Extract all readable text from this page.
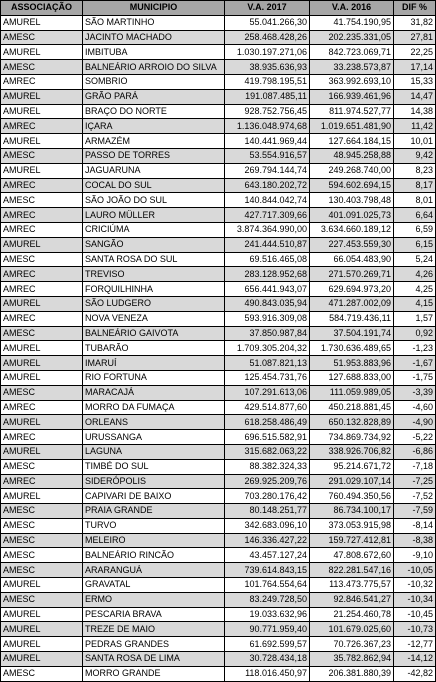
ASSOCIAÇÃO	MUNICIPIO	V.A. 2017	V.A. 2016	DIF %
AMUREL	SÃO MARTINHO	55.041.266,30	41.754.190,95	31,82
AMESC	JACINTO MACHADO	258.468.428,26	202.235.331,05	27,81
AMUREL	IMBITUBA	1.030.197.271,06	842.723.069,71	22,25
AMESC	BALNEÁRIO ARROIO DO SILVA	38.935.636,93	33.238.573,87	17,14
AMREC	SOMBRIO	419.798.195,51	363.992.693,10	15,33
AMUREL	GRÃO PARÁ	191.087.485,11	166.939.461,96	14,47
AMUREL	BRAÇO DO NORTE	928.752.756,45	811.974.527,77	14,38
AMREC	IÇARA	1.136.048.974,68	1.019.651.481,90	11,42
AMUREL	ARMAZÉM	140.441.969,44	127.664.184,15	10,01
AMESC	PASSO DE TORRES	53.554.916,57	48.945.258,88	9,42
AMUREL	JAGUARUNA	269.794.144,74	249.268.740,00	8,23
AMREC	COCAL DO SUL	643.180.202,72	594.602.694,15	8,17
AMESC	SÃO JOÃO DO SUL	140.844.042,74	130.403.798,48	8,01
AMREC	LAURO MÜLLER	427.717.309,66	401.091.025,73	6,64
AMREC	CRICIÚMA	3.874.364.990,00	3.634.660.189,12	6,59
AMUREL	SANGÃO	241.444.510,87	227.453.559,30	6,15
AMESC	SANTA ROSA DO SUL	69.516.465,08	66.054.483,90	5,24
AMREC	TREVISO	283.128.952,68	271.570.269,71	4,26
AMREC	FORQUILHINHA	656.441.943,07	629.694.973,20	4,25
AMUREL	SÃO LUDGERO	490.843.035,94	471.287.002,09	4,15
AMREC	NOVA VENEZA	593.916.309,08	584.719.436,11	1,57
AMESC	BALNEÁRIO GAIVOTA	37.850.987,84	37.504.191,74	0,92
AMUREL	TUBARÃO	1.709.305.204,32	1.730.636.489,65	-1,23
AMUREL	IMARUÍ	51.087.821,13	51.953.883,96	-1,67
AMUREL	RIO FORTUNA	125.454.731,76	127.688.833,00	-1,75
AMESC	MARACAJÁ	107.291.613,06	111.059.989,05	-3,39
AMREC	MORRO DA FUMAÇA	429.514.877,60	450.218.881,45	-4,60
AMUREL	ORLEANS	618.258.486,49	650.132.828,89	-4,90
AMREC	URUSSANGA	696.515.582,91	734.869.734,92	-5,22
AMUREL	LAGUNA	315.682.063,22	338.926.706,82	-6,86
AMESC	TIMBÉ DO SUL	88.382.324,33	95.214.671,72	-7,18
AMREC	SIDERÓPOLIS	269.925.209,76	291.029.107,14	-7,25
AMUREL	CAPIVARI DE BAIXO	703.280.176,42	760.494.350,56	-7,52
AMESC	PRAIA GRANDE	80.148.251,77	86.734.100,17	-7,59
AMESC	TURVO	342.683.096,10	373.053.915,98	-8,14
AMESC	MELEIRO	146.336.427,22	159.727.412,81	-8,38
AMESC	BALNEÁRIO RINCÃO	43.457.127,24	47.808.672,60	-9,10
AMESC	ARARANGUÁ	739.614.843,15	822.281.547,16	-10,05
AMUREL	GRAVATAL	101.764.554,64	113.473.775,57	-10,32
AMESC	ERMO	83.249.728,50	92.846.541,27	-10,34
AMUREL	PESCARIA BRAVA	19.033.632,96	21.254.460,78	-10,45
AMUREL	TREZE DE MAIO	90.771.959,40	101.679.025,60	-10,73
AMUREL	PEDRAS GRANDES	61.692.599,57	70.726.367,23	-12,77
AMUREL	SANTA ROSA DE LIMA	30.728.434,18	35.782.862,94	-14,12
AMESC	MORRO GRANDE	118.016.450,97	206.381.880,39	-42,82
